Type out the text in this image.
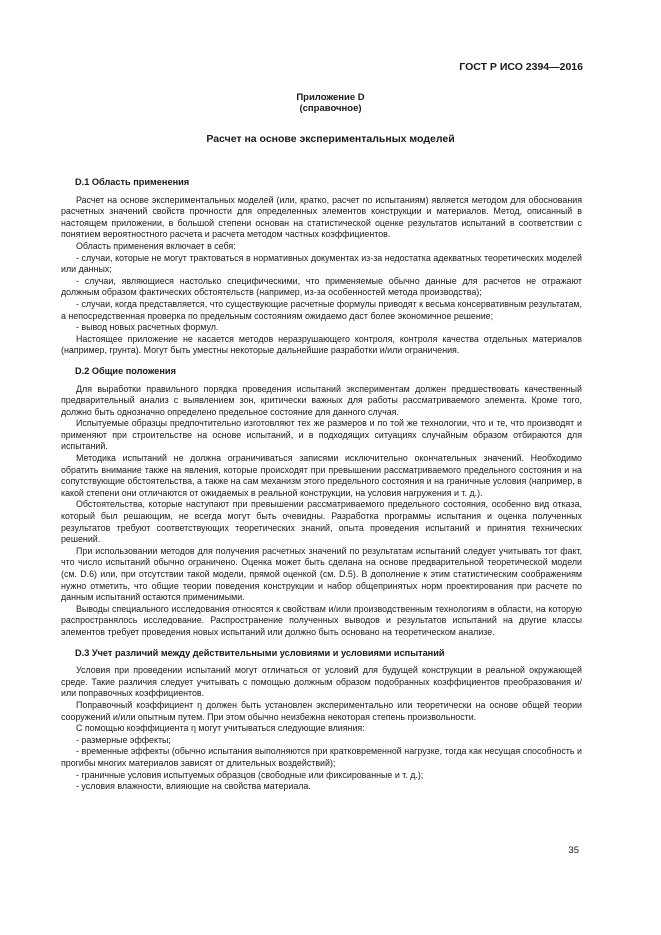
ГОСТ Р ИСО 2394—2016
Приложение D
(справочное)
Расчет на основе экспериментальных моделей
D.1 Область применения

Расчет на основе экспериментальных моделей (или, кратко, расчет по испытаниям) является методом для обоснования расчетных значений свойств прочности для определенных элементов конструкции и материалов. Метод, описанный в настоящем приложении, в большой степени основан на статистической оценке результатов испытаний в соответствии с понятием вероятностного расчета и расчета методом частных коэффициентов.

Область применения включает в себя:

- случаи, которые не могут трактоваться в нормативных документах из-за недостатка адекватных теоретических моделей или данных;

- случаи, являющиеся настолько специфическими, что применяемые обычно данные для расчетов не отражают должным образом фактических обстоятельств (например, из-за особенностей метода производства);

- случаи, когда представляется, что существующие расчетные формулы приводят к весьма консервативным результатам, а непосредственная проверка по предельным состояниям ожидаемо даст более экономичное решение;

- вывод новых расчетных формул.

Настоящее приложение не касается методов неразрушающего контроля, контроля качества отдельных материалов (например, грунта). Могут быть уместны некоторые дальнейшие разработки и/или ограничения.

D.2 Общие положения

Для выработки правильного порядка проведения испытаний экспериментам должен предшествовать качественный предварительный анализ с выявлением зон, критически важных для работы рассматриваемого элемента. Кроме того, должно быть однозначно определено предельное состояние для данного случая.

Испытуемые образцы предпочтительно изготовляют тех же размеров и по той же технологии, что и те, что производят и применяют при строительстве на основе испытаний, и в подходящих ситуациях случайным образом отбираются для испытаний.

Методика испытаний не должна ограничиваться записями исключительно окончательных значений. Необходимо обратить внимание также на явления, которые происходят при превышении рассматриваемого предельного состояния и на сопутствующие обстоятельства, а также на сам механизм этого предельного состояния и на граничные условия (например, в какой степени они отличаются от ожидаемых в реальной конструкции, на условия нагружения и т. д.).

Обстоятельства, которые наступают при превышении рассматриваемого предельного состояния, особенно вид отказа, который был решающим, не всегда могут быть очевидны. Разработка программы испытания и оценка полученных результатов требуют соответствующих теоретических знаний, опыта проведения испытаний и принятия технических решений.

При использовании методов для получения расчетных значений по результатам испытаний следует учитывать тот факт, что число испытаний обычно ограничено. Оценка может быть сделана на основе предварительной теоретической модели (см. D.6) или, при отсутствии такой модели, прямой оценкой (см. D.5). В дополнение к этим статистическим соображениям нужно отметить, что общие теории поведения конструкции и набор общепринятых норм проектирования при расчете по данным испытаний остаются применимыми.

Выводы специального исследования относятся к свойствам и/или производственным технологиям в области, на которую распространялось исследование. Распространение полученных выводов и результатов испытаний на другие классы элементов требует проведения новых испытаний или должно быть основано на теоретическом анализе.

D.3 Учет различий между действительными условиями и условиями испытаний

Условия при проведении испытаний могут отличаться от условий для будущей конструкции в реальной окружающей среде. Такие различия следует учитывать с помощью должным образом подобранных коэффициентов преобразования и/или поправочных коэффициентов.

Поправочный коэффициент η должен быть установлен экспериментально или теоретически на основе общей теории сооружений и/или опытным путем. При этом обычно неизбежна некоторая степень произвольности.

С помощью коэффициента η могут учитываться следующие влияния:

- размерные эффекты;

- временные эффекты (обычно испытания выполняются при кратковременной нагрузке, тогда как несущая способность и прогибы многих материалов зависят от длительных воздействий);

- граничные условия испытуемых образцов (свободные или фиксированные и т. д.);

- условия влажности, влияющие на свойства материала.

35
